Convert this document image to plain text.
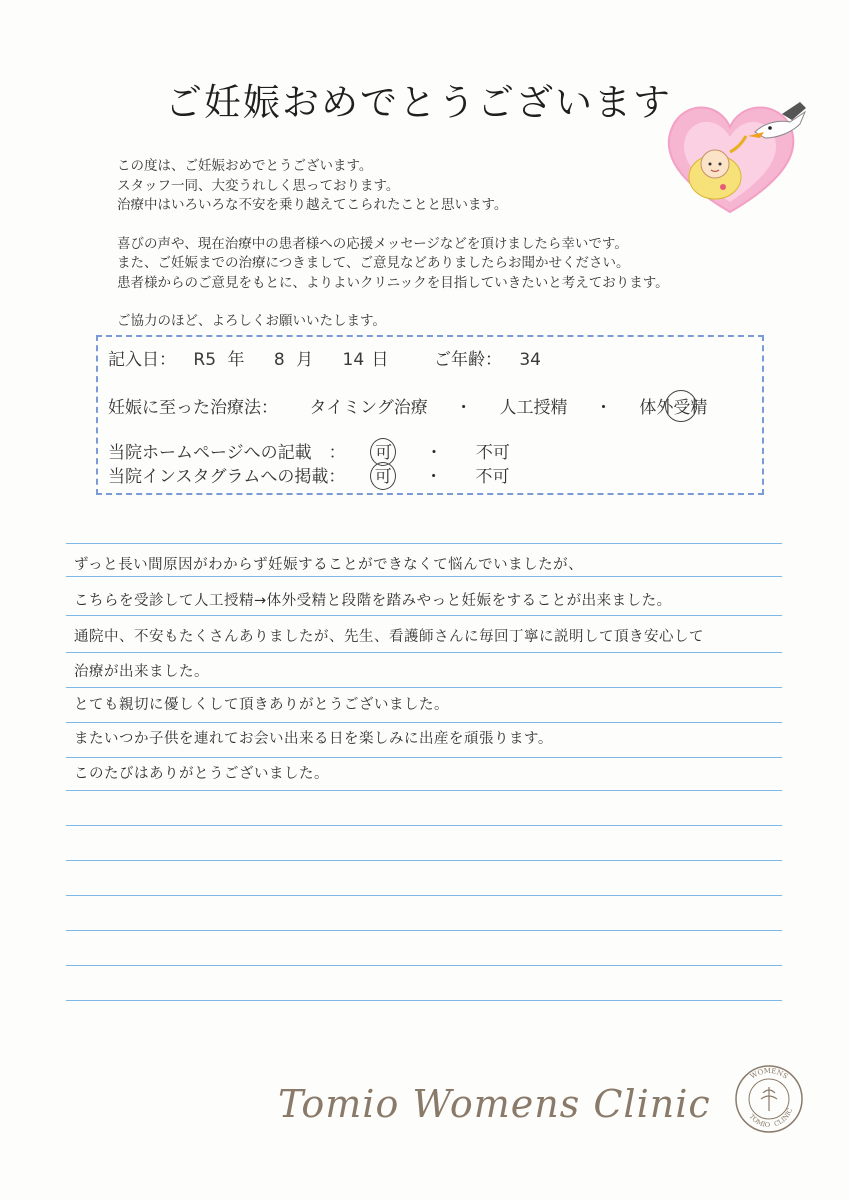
ご妊娠おめでとうございます

この度は、ご妊娠おめでとうございます。
スタッフ一同、大変うれしく思っております。
治療中はいろいろな不安を乗り越えてこられたことと思います。

喜びの声や、現在治療中の患者様への応援メッセージなどを頂けましたら幸いです。
また、ご妊娠までの治療につきまして、ご意見などありましたらお聞かせください。
患者様からのご意見をもとに、よりよいクリニックを目指していきたいと考えております。

ご協力のほど、よろしくお願いいたします。

記入日： R5 年 8 月 14 日	ご年齢： 34
妊娠に至った治療法： タイミング治療 ・ 人工授精 ・ 体外受精
当院ホームページへの記載　： 可 ・ 不可
当院インスタグラムへの掲載： 可 ・ 不可
ずっと長い間原因がわからず妊娠することができなくて悩んでいましたが、
こちらを受診して人工授精→体外受精と段階を踏みやっと妊娠をすることが出来ました。
通院中、不安もたくさんありましたが、先生、看護師さんに毎回丁寧に説明して頂き安心して
治療が出来ました。
とても親切に優しくして頂きありがとうございました。
またいつか子供を連れてお会い出来る日を楽しみに出産を頑張ります。
このたびはありがとうございました。
Tomio Womens Clinic
WOMENS
TOMIO CLINIC
